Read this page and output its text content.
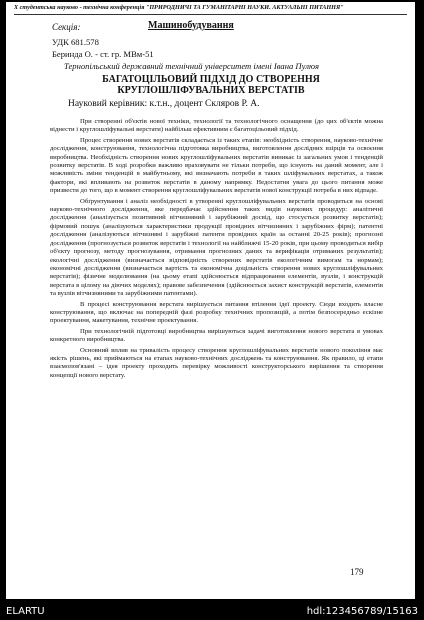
Х студентська науково - технічна конференція "ПРИРОДНИЧІ ТА ГУМАНІТАРНІ НАУКИ. АКТУАЛЬНІ ПИТАННЯ"
Секція:	Машинобудування
УДК 681.578
Беринда О. - ст. гр. МВм-51
Тернопільський державний технічний університет імені Івана Пулюя
БАГАТОЦІЛЬОВИЙ ПІДХІД ДО СТВОРЕННЯ КРУГЛОШЛІФУВАЛЬНИХ ВЕРСТАТІВ
Науковий керівник: к.т.н., доцент Скляров Р. А.

При створенні об'єктів нової техніки, технології та технологічного оснащення (до цих об'єктів можна віднести і круглошліфувальні верстати) найбільш ефективним є багатоцільовий підхід.

Процес створення нових верстатів складається із таких етапів: необхідність створення, науково-технічне дослідження, конструювання, технологічна підготовка виробництва, виготовлення дослідних взірців та освоєння виробництва. Необхідність створення нових круглошліфувальних верстатів виникає із загальних умов і тенденцій розвитку верстатів. В ході розробки важливо враховувати не тільки потреби, що існують на даний момент, але і можливість зміни тенденцій в майбутньому, які визначають потреби в таких шліфувальних верстатах, а також фактори, які впливають на розвиток верстатів в даному напрямку. Недостатня увага до цього питання може призвести до того, що в момент створення круглошліфувальних верстатів нової конструкції потреба в них відпаде.

Обґрунтування і аналіз необхідності в утворенні круглошліфувальних верстатів проводиться на основі науково-технічного дослідження, яке передбачає здійснення таких видів наукових процедур: аналітичні дослідження (аналізується позитивний вітчизняний і зарубіжний досвід, що стосується розвитку верстатів); фірмовий пошук (аналізуються характеристики продукції провідних вітчизняних і зарубіжних фірм); патентні дослідження (аналізуються вітчизняні і зарубіжні патенти провідних країн за останні 20-25 років); прогнозні дослідження (прогнозується розвиток верстатів і технології на найближчі 15-20 років, при цьому проводиться вибір об'єкту прогнозу, методу прогнозування, отримання прогнозних даних та верифікація отриманих результатів); екологічні дослідження (визначається відповідність створених верстатів екологічним вимогам та нормам); економічні дослідження (визначається вартість та економічна доцільність створення нових круглошліфувальних верстатів); фізичне моделювання (на цьому етапі здійснюється відпрацювання елементів, вузлів, і конструкцій верстата в цілому на діючих моделях); правове забезпечення (здійснюється захист конструкцій верстатів, елементів та вузлів вітчизняними та зарубіжними патентами).

В процесі конструювання верстата вирішується питання втілення ідеї проекту. Сюди входить власне конструювання, що включає на попередній фазі розробку технічних пропозицій, а потім безпосередньо ескізне проектування, макетування, технічне проектування.

При технологічній підготовці виробництва вирішуються задачі виготовлення нового верстата в умовах конкретного виробництва.

Основний вплив на тривалість процесу створення круглошліфувальних верстатів нового покоління має якість рішень, які приймаються на етапах науково-технічних досліджень та конструювання. Як правило, ці етапи взаємопов'язані – ідея проекту проходить перевірку можливості конструкторського вирішення та створення концепції нового верстату.

179
ELARTU	hdl:123456789/15163
